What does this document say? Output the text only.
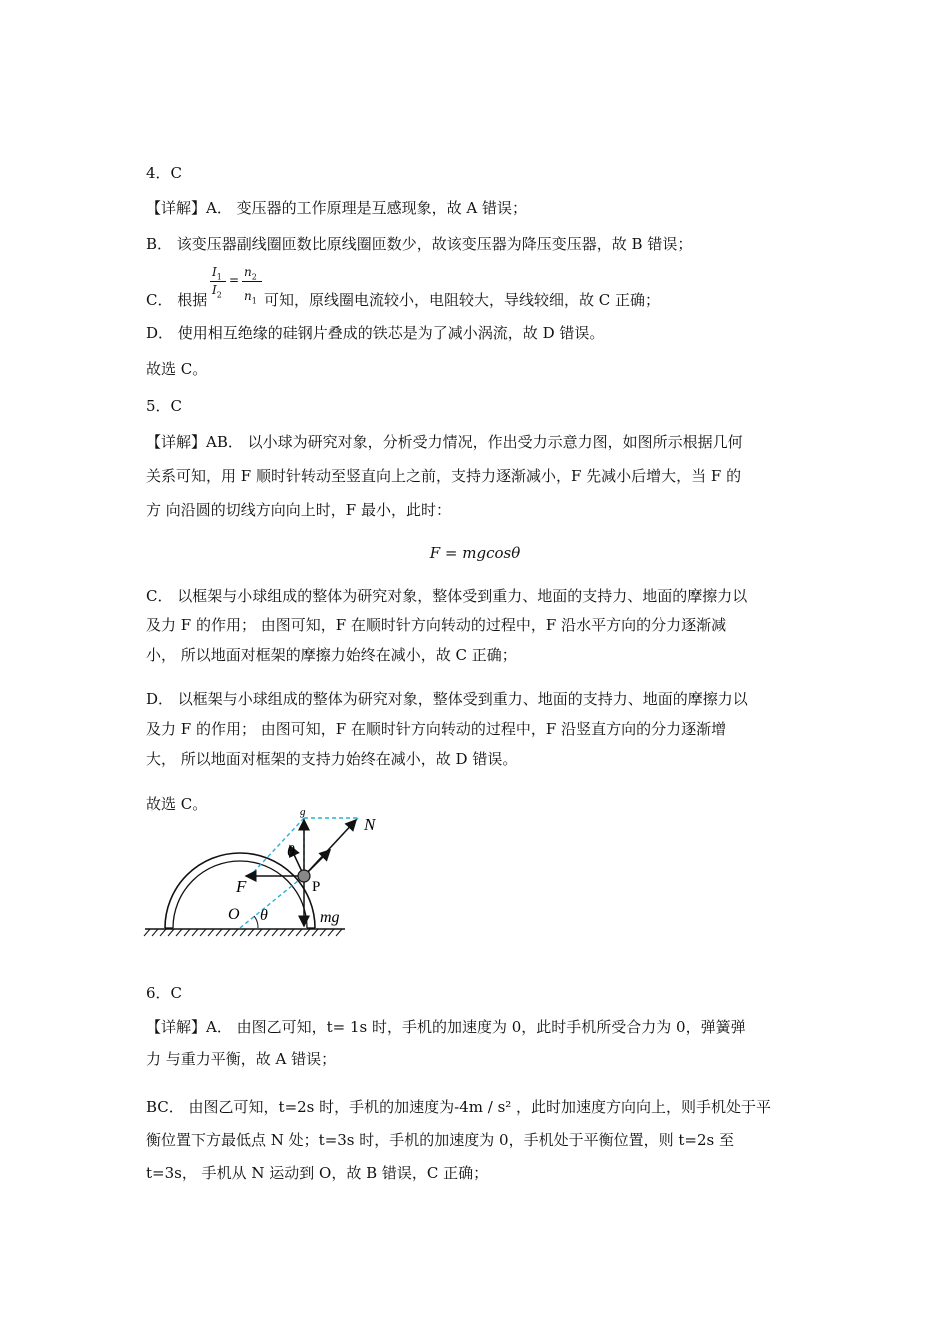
4．C
【详解】A． 变压器的工作原理是互感现象，故 A 错误；
B． 该变压器副线圈匝数比原线圈匝数少，故该变压器为降压变压器，故 B 错误；
C． 根据
$I_1$
$I_2$
=
$n_2$
$n_1$ 可知，原线圈电流较小，电阻较大，导线较细，故 C 正确；
D． 使用相互绝缘的硅钢片叠成的铁芯是为了减小涡流，故 D 错误。
故选 C。
5．C
【详解】AB． 以小球为研究对象，分析受力情况，作出受力示意力图，如图所示根据几何
关系可知，用 F 顺时针转动至竖直向上之前，支持力逐渐减小，F 先减小后增大，当 F 的
方 向沿圆的切线方向向上时，F 最小，此时：
F = mgcosθ
C． 以框架与小球组成的整体为研究对象，整体受到重力、地面的支持力、地面的摩擦力以
及力 F 的作用； 由图可知，F 在顺时针方向转动的过程中，F 沿水平方向的分力逐渐减
小， 所以地面对框架的摩擦力始终在减小，故 C 正确；
D． 以框架与小球组成的整体为研究对象，整体受到重力、地面的支持力、地面的摩擦力以
及力 F 的作用； 由图可知，F 在顺时针方向转动的过程中，F 沿竖直方向的分力逐渐增
大， 所以地面对框架的支持力始终在减小，故 D 错误。
故选 C。
N
g
θ
F	P
O θ	mg
6．C
【详解】A． 由图乙可知，t= 1s 时，手机的加速度为 0，此时手机所受合力为 0，弹簧弹
力 与重力平衡，故 A 错误；
BC． 由图乙可知，t=2s 时，手机的加速度为-4m / s² ，此时加速度方向向上，则手机处于平
衡位置下方最低点 N 处；t=3s 时，手机的加速度为 0，手机处于平衡位置，则 t=2s 至
t=3s， 手机从 N 运动到 O，故 B 错误，C 正确；
